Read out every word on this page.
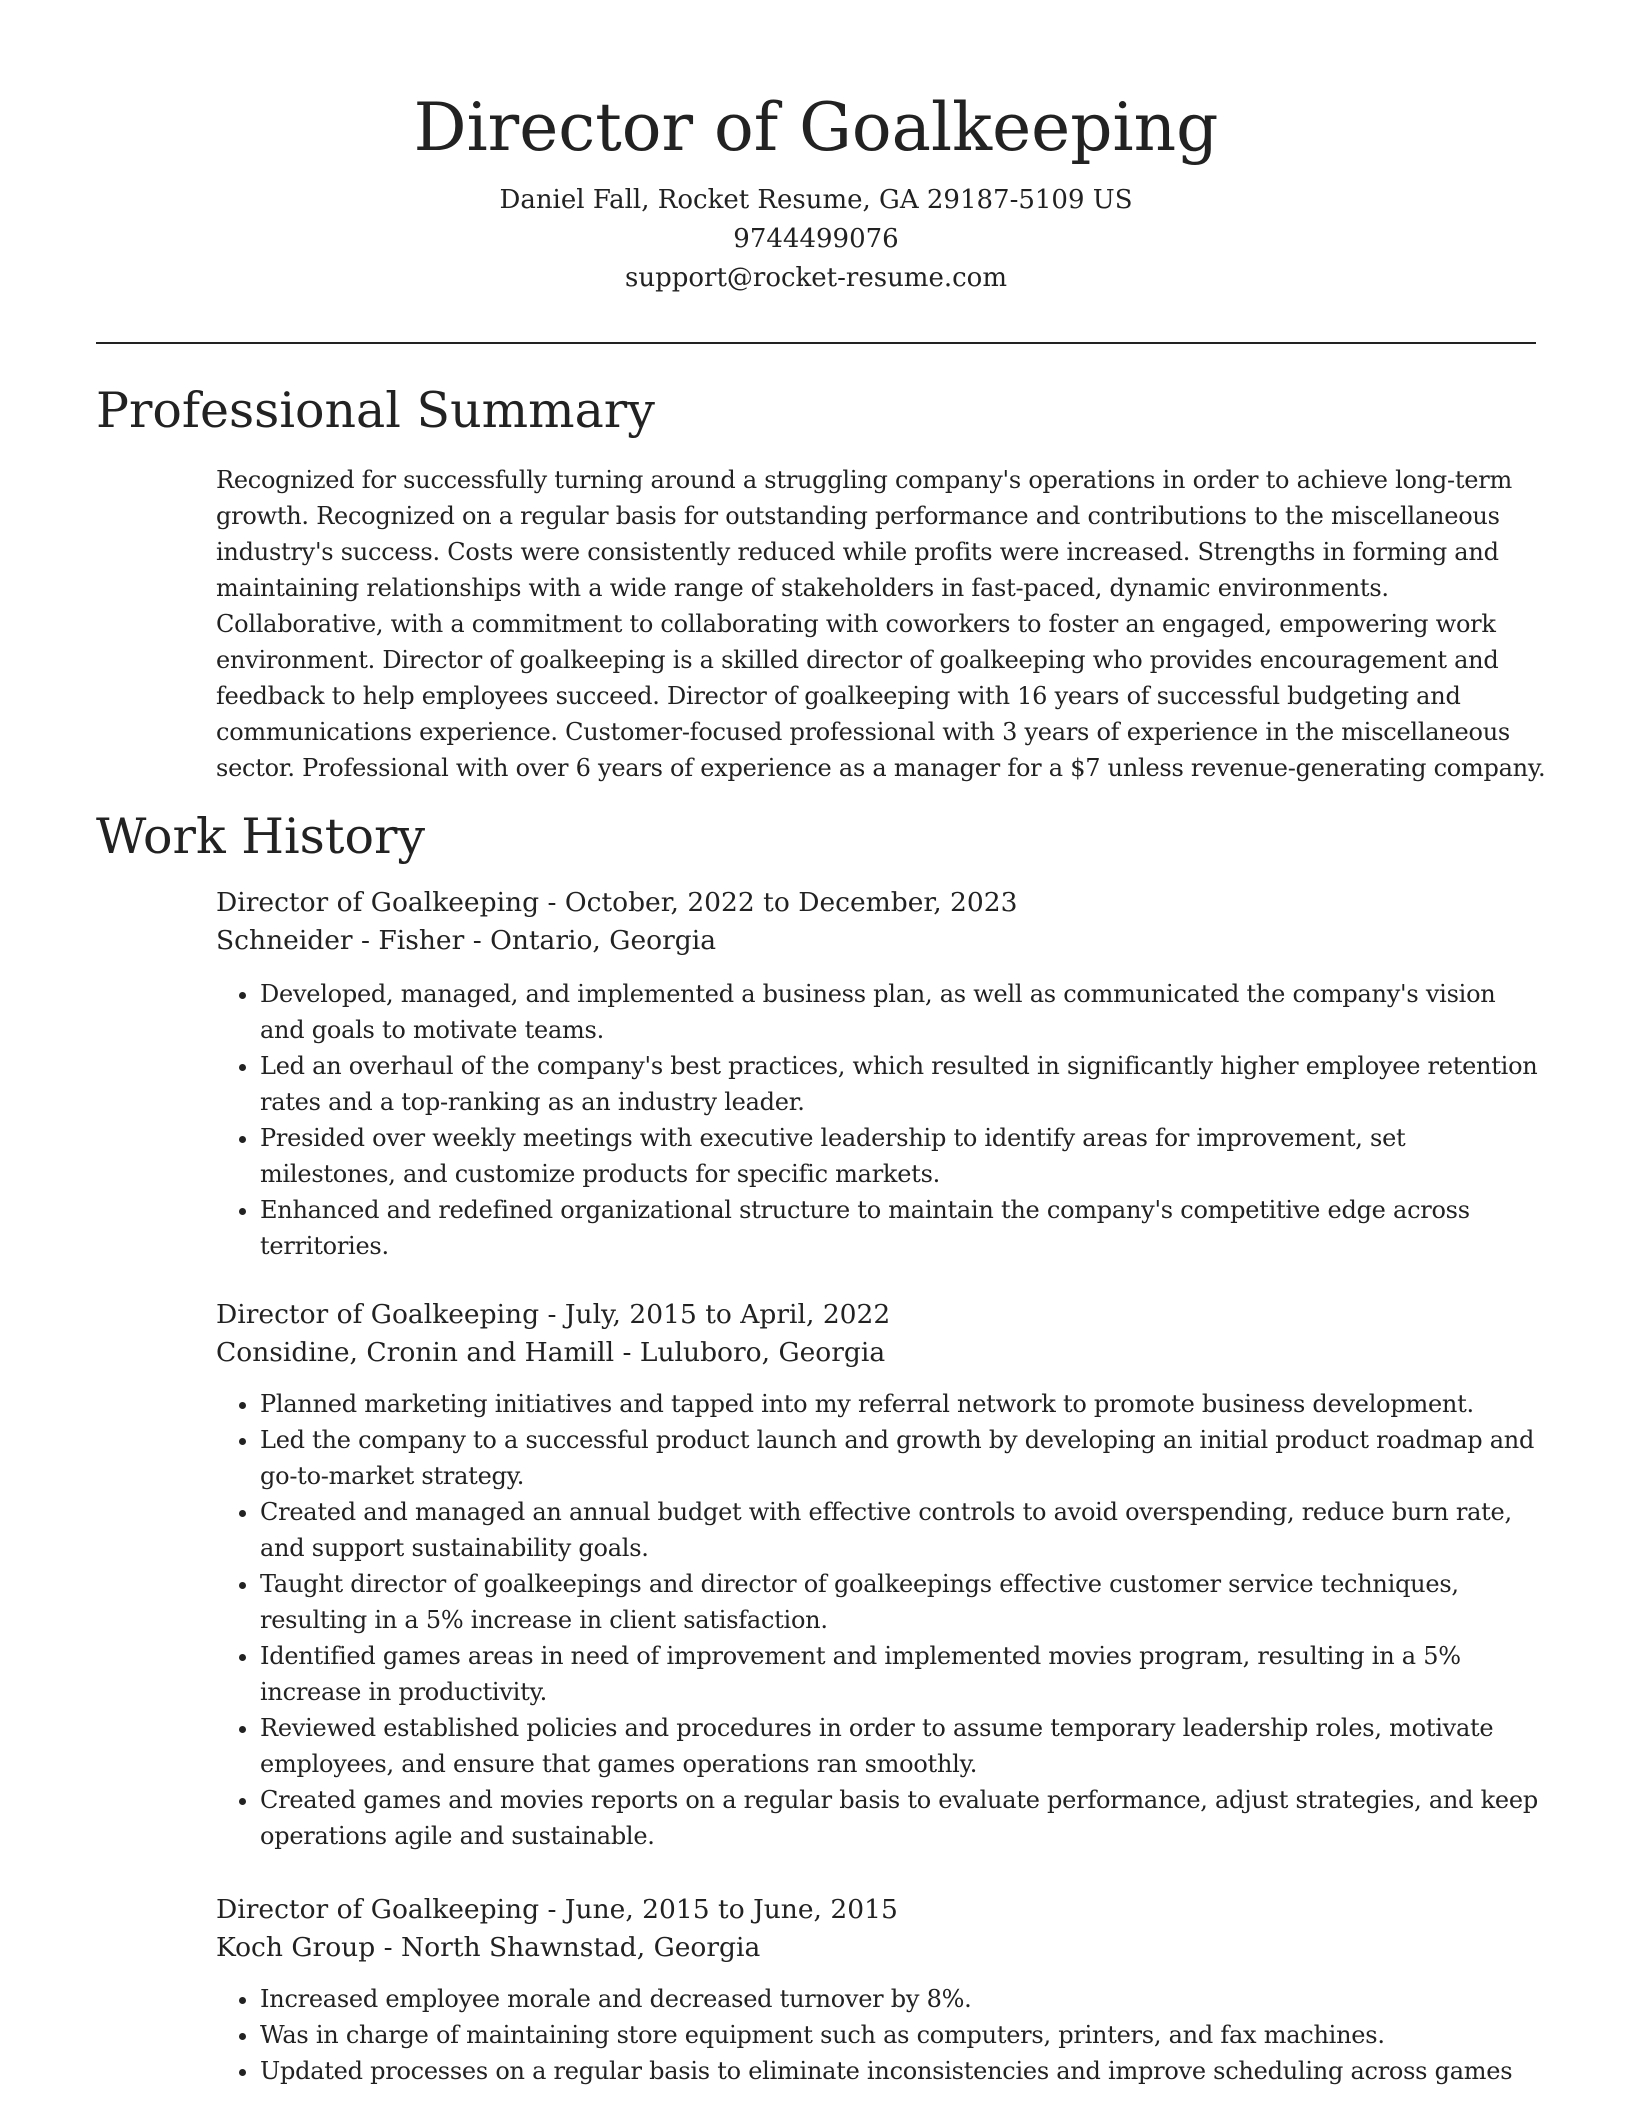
Director of Goalkeeping

Daniel Fall, Rocket Resume, GA 29187-5109 US

9744499076

support@rocket-resume.com

Professional Summary

Recognized for successfully turning around a struggling company's operations in order to achieve long-term growth. Recognized on a regular basis for outstanding performance and contributions to the miscellaneous industry's success. Costs were consistently reduced while profits were increased. Strengths in forming and maintaining relationships with a wide range of stakeholders in fast-paced, dynamic environments. Collaborative, with a commitment to collaborating with coworkers to foster an engaged, empowering work environment. Director of goalkeeping is a skilled director of goalkeeping who provides encouragement and feedback to help employees succeed. Director of goalkeeping with 16 years of successful budgeting and communications experience. Customer-focused professional with 3 years of experience in the miscellaneous sector. Professional with over 6 years of experience as a manager for a $7 unless revenue-generating company.

Work History

Director of Goalkeeping - October, 2022 to December, 2023

Schneider - Fisher - Ontario, Georgia

• Developed, managed, and implemented a business plan, as well as communicated the company's vision and goals to motivate teams.
• Led an overhaul of the company's best practices, which resulted in significantly higher employee retention rates and a top-ranking as an industry leader.
• Presided over weekly meetings with executive leadership to identify areas for improvement, set milestones, and customize products for specific markets.
• Enhanced and redefined organizational structure to maintain the company's competitive edge across territories.

Director of Goalkeeping - July, 2015 to April, 2022

Considine, Cronin and Hamill - Luluboro, Georgia

• Planned marketing initiatives and tapped into my referral network to promote business development.
• Led the company to a successful product launch and growth by developing an initial product roadmap and go-to-market strategy.
• Created and managed an annual budget with effective controls to avoid overspending, reduce burn rate, and support sustainability goals.
• Taught director of goalkeepings and director of goalkeepings effective customer service techniques, resulting in a 5% increase in client satisfaction.
• Identified games areas in need of improvement and implemented movies program, resulting in a 5% increase in productivity.
• Reviewed established policies and procedures in order to assume temporary leadership roles, motivate employees, and ensure that games operations ran smoothly.
• Created games and movies reports on a regular basis to evaluate performance, adjust strategies, and keep operations agile and sustainable.

Director of Goalkeeping - June, 2015 to June, 2015

Koch Group - North Shawnstad, Georgia

• Increased employee morale and decreased turnover by 8%.
• Was in charge of maintaining store equipment such as computers, printers, and fax machines.
• Updated processes on a regular basis to eliminate inconsistencies and improve scheduling across games
